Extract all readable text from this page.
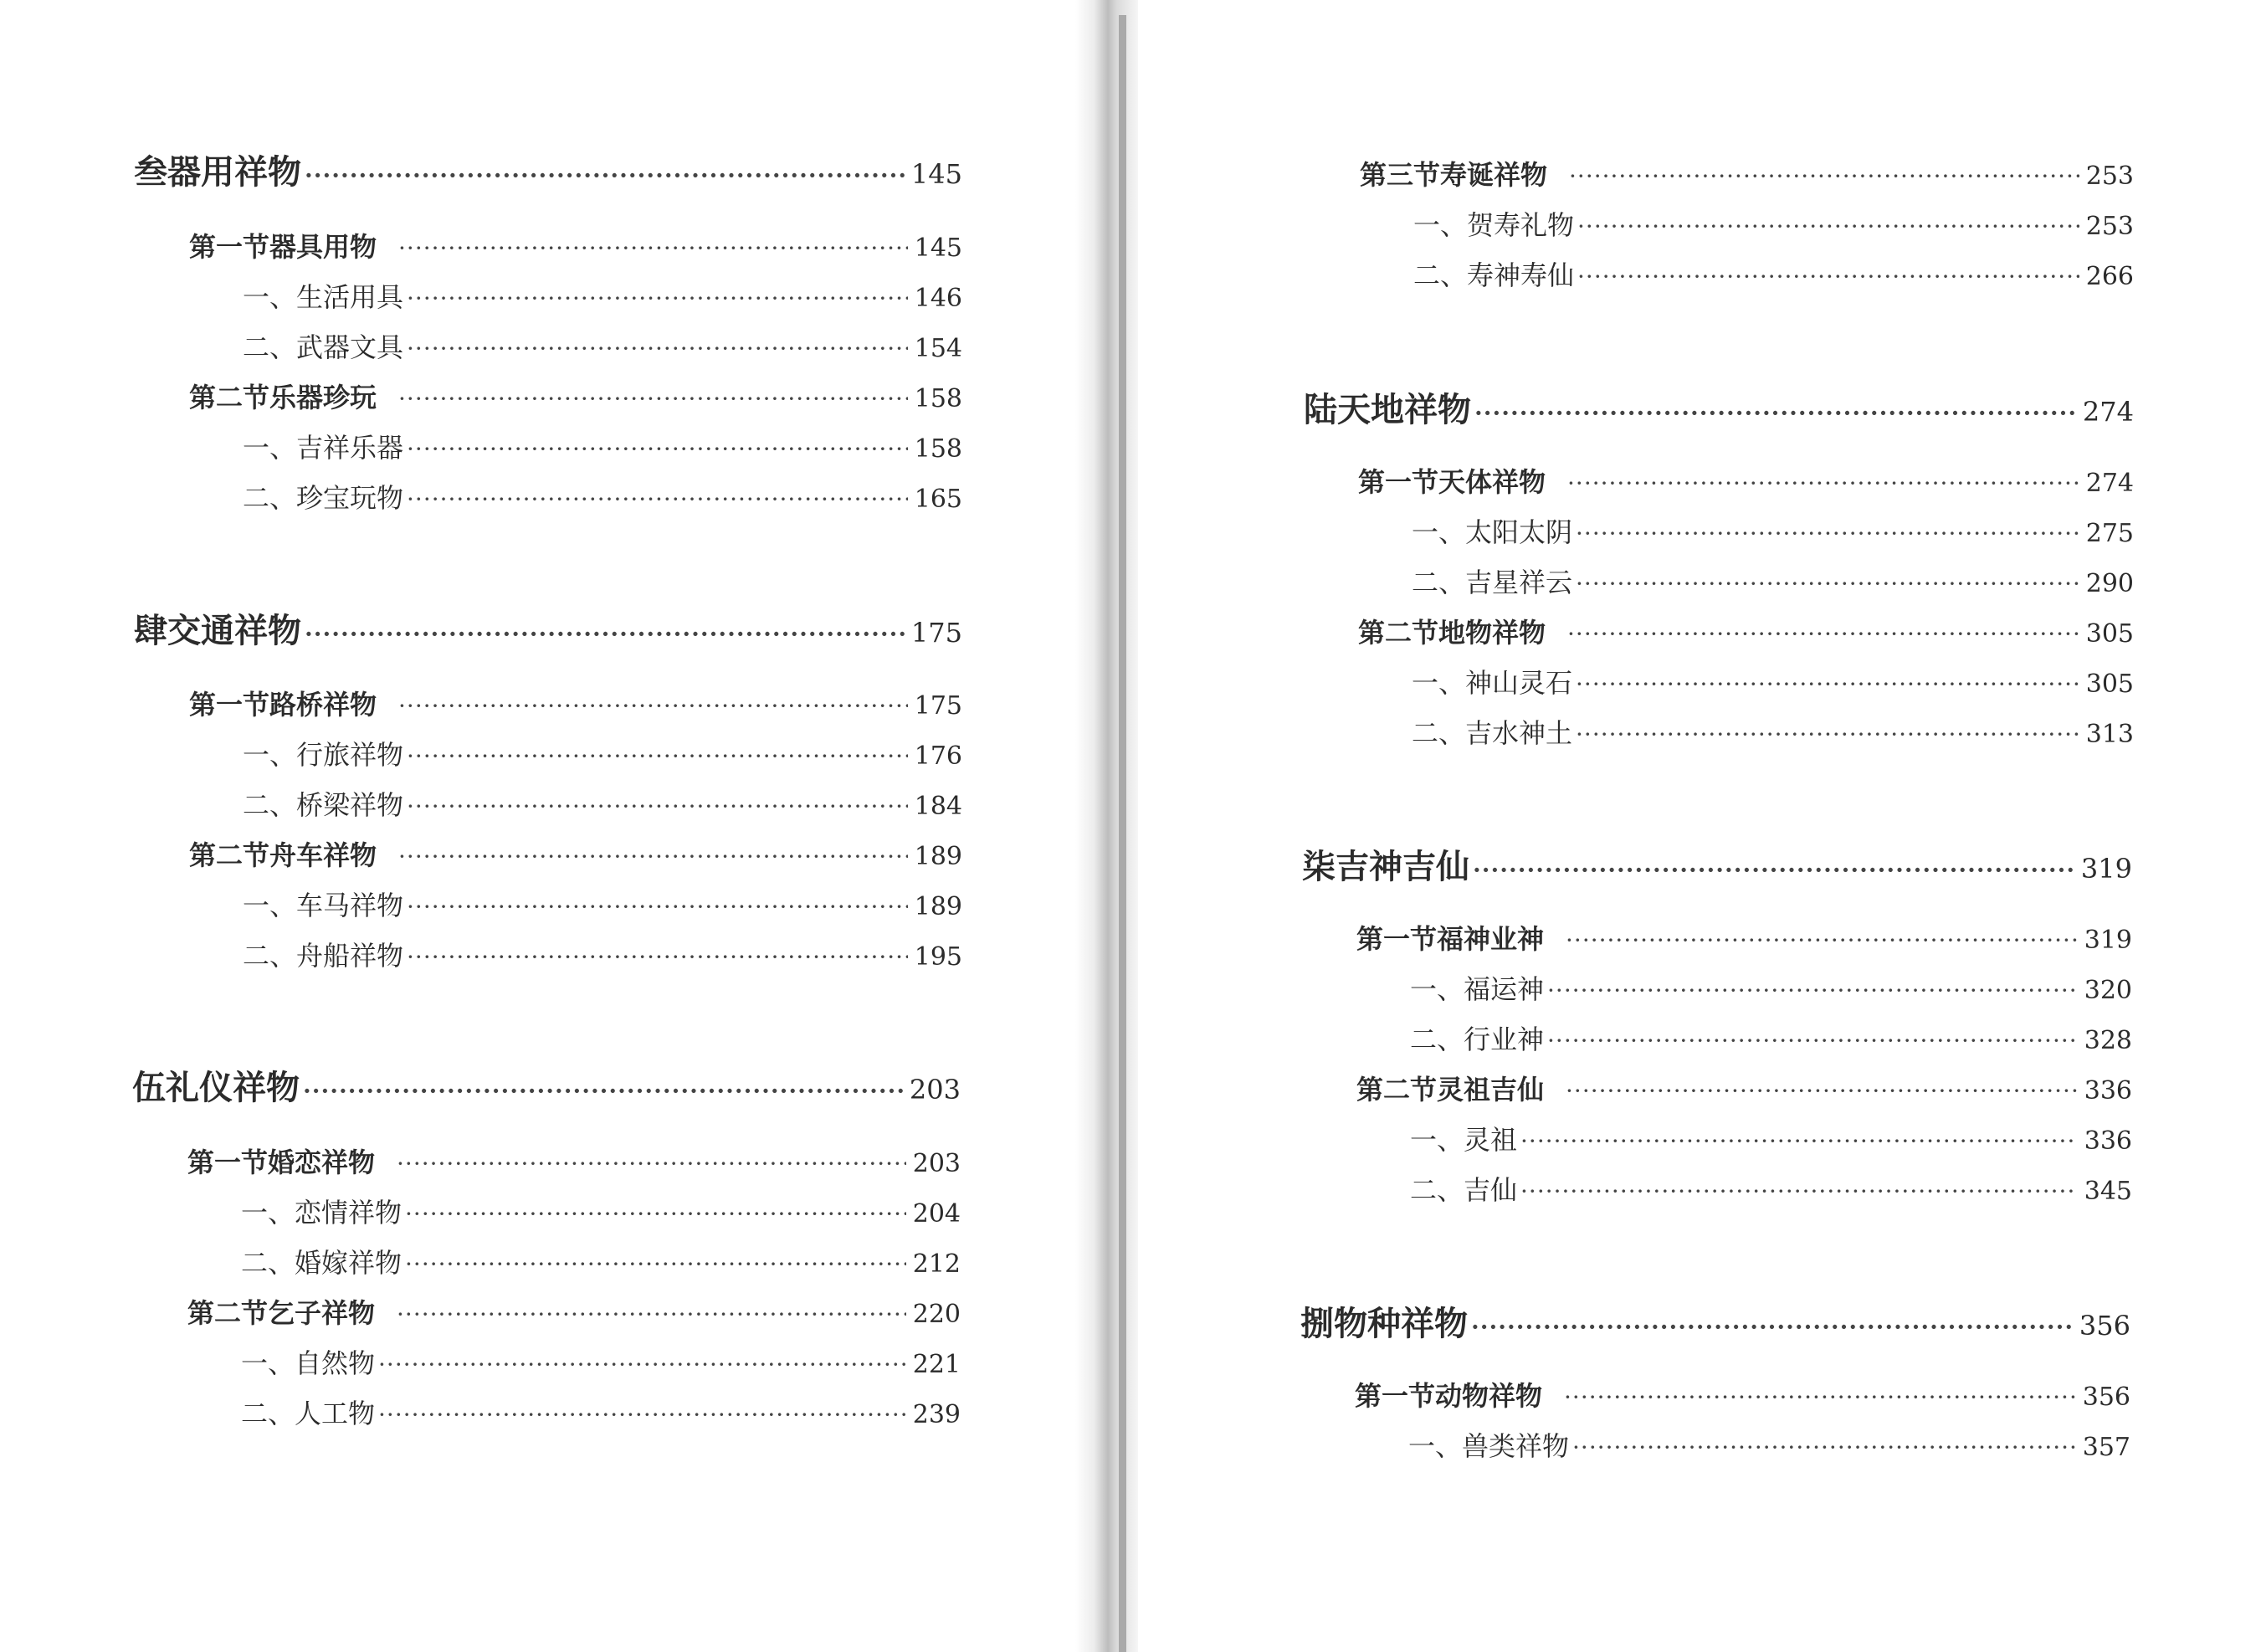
叁 器用祥物 ·····	145
第一节 器具用物 ·····	145
一、生活用具 ·····	146
二、武器文具 ·····	154
第二节 乐器珍玩 ·····	158
一、吉祥乐器 ·····	158
二、珍宝玩物 ·····	165
肆 交通祥物 ·····	175
第一节 路桥祥物 ·····	175
一、行旅祥物 ·····	176
二、桥梁祥物 ·····	184
第二节 舟车祥物 ·····	189
一、车马祥物 ·····	189
二、舟船祥物 ·····	195
伍 礼仪祥物 ·····	203
第一节 婚恋祥物 ·····	203
一、恋情祥物 ·····	204
二、婚嫁祥物 ·····	212
第二节 乞子祥物 ·····	220
一、自然物 ·····	221
二、人工物 ·····	239
第三节 寿诞祥物 ·····	253
一、贺寿礼物 ·····	253
二、寿神寿仙 ·····	266
陆 天地祥物 ·····	274
第一节 天体祥物 ·····	274
一、太阳太阴 ·····	275
二、吉星祥云 ·····	290
第二节 地物祥物 ·····	305
一、神山灵石 ·····	305
二、吉水神土 ·····	313
柒 吉神吉仙 ·····	319
第一节 福神业神 ·····	319
一、福运神 ·····	320
二、行业神 ·····	328
第二节 灵祖吉仙 ·····	336
一、灵祖 ·····	336
二、吉仙 ·····	345
捌 物种祥物 ·····	356
第一节 动物祥物 ·····	356
一、兽类祥物 ·····	357
